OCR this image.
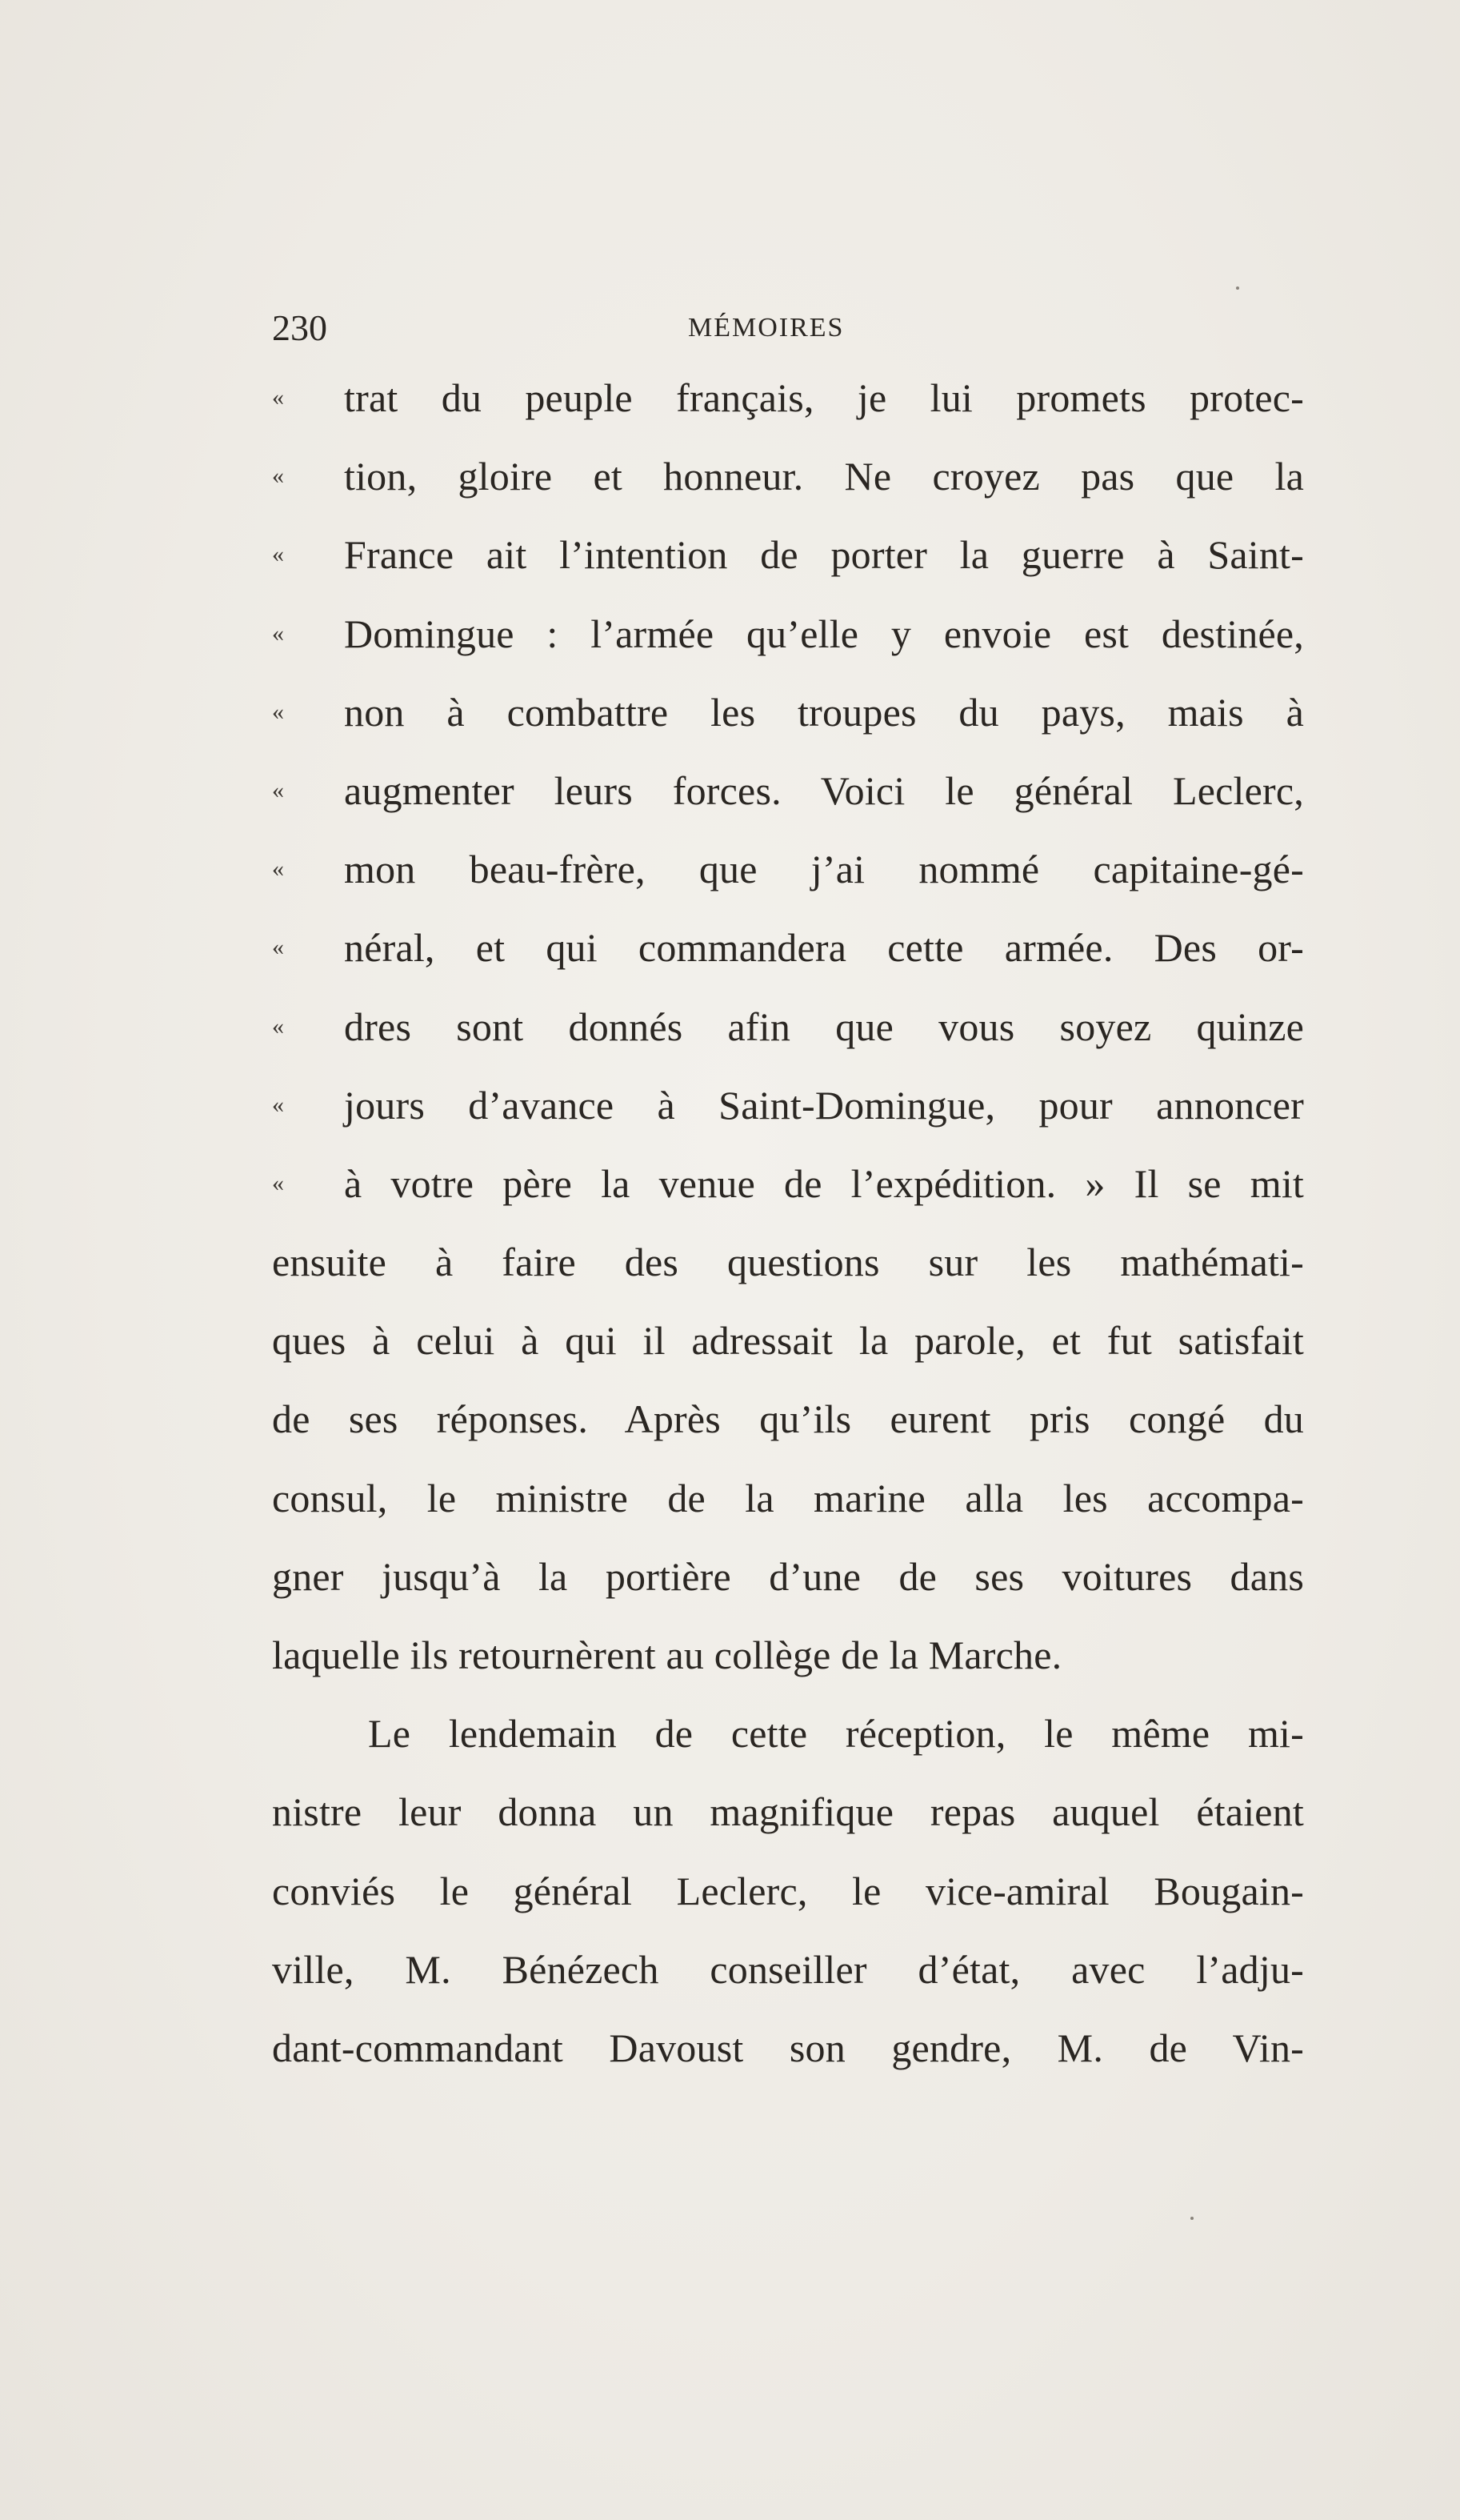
230	MÉMOIRES
« trat du peuple français, je lui promets protec-
« tion, gloire et honneur. Ne croyez pas que la
« France ait l’intention de porter la guerre à Saint-
« Domingue : l’armée qu’elle y envoie est destinée,
« non à combattre les troupes du pays, mais à
« augmenter leurs forces. Voici le général Leclerc,
« mon beau-frère, que j’ai nommé capitaine-gé-
« néral, et qui commandera cette armée. Des or-
« dres sont donnés afin que vous soyez quinze
« jours d’avance à Saint-Domingue, pour annoncer
« à votre père la venue de l’expédition. » Il se mit
ensuite à faire des questions sur les mathémati-
ques à celui à qui il adressait la parole, et fut satisfait
de ses réponses. Après qu’ils eurent pris congé du
consul, le ministre de la marine alla les accompa-
gner jusqu’à la portière d’une de ses voitures dans
laquelle ils retournèrent au collège de la Marche.
Le lendemain de cette réception, le même mi-
nistre leur donna un magnifique repas auquel étaient
conviés le général Leclerc, le vice-amiral Bougain-
ville, M. Bénézech conseiller d’état, avec l’adju-
dant-commandant Davoust son gendre, M. de Vin-
